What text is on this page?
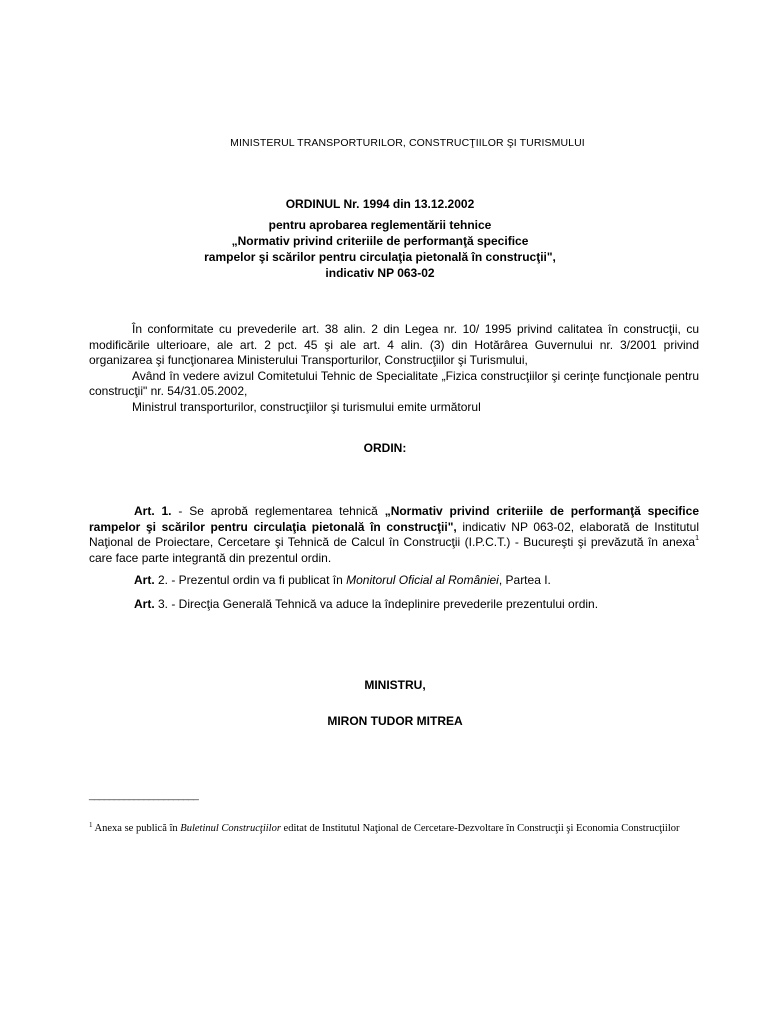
MINISTERUL TRANSPORTURILOR, CONSTRUCŢIILOR ŞI TURISMULUI
ORDINUL Nr. 1994 din 13.12.2002
pentru aprobarea reglementării tehnice
„Normativ privind criteriile de performanţă specifice
rampelor şi scărilor pentru circulaţia pietonală în construcţii",
indicativ NP 063-02

În conformitate cu prevederile art. 38 alin. 2 din Legea nr. 10/ 1995 privind calitatea în construcţii, cu modificările ulterioare, ale art. 2 pct. 45 şi ale art. 4 alin. (3) din Hotărârea Guvernului nr. 3/2001 privind organizarea şi funcţionarea Ministerului Transporturilor, Construcţiilor şi Turismului,

Având în vedere avizul Comitetului Tehnic de Specialitate „Fizica construcţiilor şi cerinţe funcţionale pentru construcţii" nr. 54/31.05.2002,

Ministrul transporturilor, construcţiilor şi turismului emite următorul

ORDIN:

Art. 1. - Se aprobă reglementarea tehnică „Normativ privind criteriile de performanţă specifice rampelor şi scărilor pentru circulaţia pietonală în construcţii", indicativ NP 063-02, elaborată de Institutul Naţional de Proiectare, Cercetare şi Tehnică de Calcul în Construcţii (I.P.C.T.) - Bucureşti şi prevăzută în anexa$^1$ care face parte integrantă din prezentul ordin.

Art. 2. - Prezentul ordin va fi publicat în Monitorul Oficial al României, Partea I.

Art. 3. - Direcţia Generală Tehnică va aduce la îndeplinire prevederile prezentului ordin.

MINISTRU,
MIRON TUDOR MITREA
______________________
$^1$ Anexa se publică în Buletinul Construcţiilor editat de Institutul Naţional de Cercetare-Dezvoltare în Construcţii şi Economia Construcţiilor
